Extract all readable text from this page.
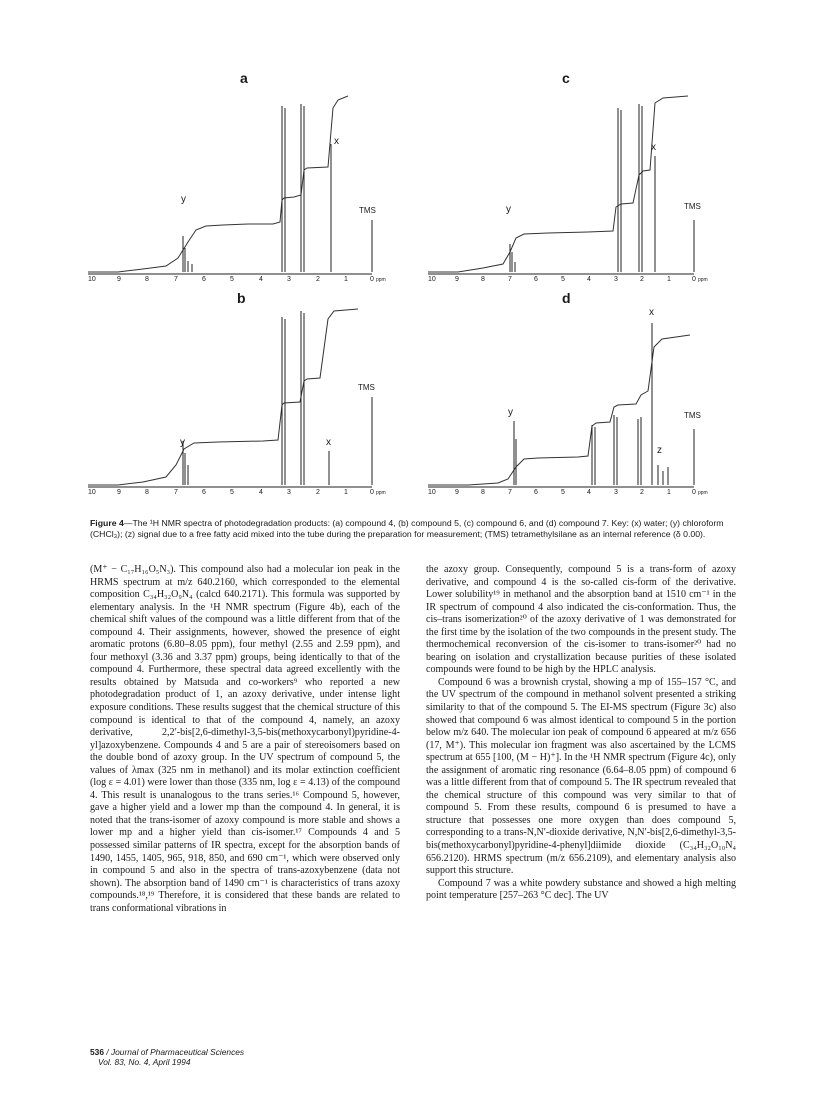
y
x
TMS
y	x
TMS
y
x
TMS
y
x
z
TMS
a
b
c
d
10	9	8	7	6	5	4	3	2	1	0 ppm
10	9	8	7	6	5	4	3	2	1	0 ppm
10	9	8	7	6	5	4	3	2	1	0 ppm
10	9	8	7	6	5	4	3	2	1	0 ppm
Figure 4—The ¹H NMR spectra of photodegradation products: (a) compound 4, (b) compound 5, (c) compound 6, and (d) compound 7. Key: (x) water; (y) chloroform (CHCl₃); (z) signal due to a free fatty acid mixed into the tube during the preparation for measurement; (TMS) tetramethylsilane as an internal reference (δ 0.00).

(M⁺ − C₁₇H₁₆O₅N₃). This compound also had a molecular ion peak in the HRMS spectrum at m/z 640.2160, which corresponded to the elemental composition C₃₄H₃₂O₉N₄ (calcd 640.2171). This formula was supported by elementary analysis. In the ¹H NMR spectrum (Figure 4b), each of the chemical shift values of the compound was a little different from that of the compound 4. Their assignments, however, showed the presence of eight aromatic protons (6.80–8.05 ppm), four methyl (2.55 and 2.59 ppm), and four methoxyl (3.36 and 3.37 ppm) groups, being identically to that of the compound 4. Furthermore, these spectral data agreed excellently with the results obtained by Matsuda and co-workers⁹ who reported a new photodegradation product of 1, an azoxy derivative, under intense light exposure conditions. These results suggest that the chemical structure of this compound is identical to that of the compound 4, namely, an azoxy derivative, 2,2′-bis[2,6-dimethyl-3,5-bis(methoxycarbonyl)pyridine-4-yl]azoxybenzene. Compounds 4 and 5 are a pair of stereoisomers based on the double bond of azoxy group. In the UV spectrum of compound 5, the values of λmax (325 nm in methanol) and its molar extinction coefficient (log ε = 4.01) were lower than those (335 nm, log ε = 4.13) of the compound 4. This result is unanalogous to the trans series.¹⁶ Compound 5, however, gave a higher yield and a lower mp than the compound 4. In general, it is noted that the trans-isomer of azoxy compound is more stable and shows a lower mp and a higher yield than cis-isomer.¹⁷ Compounds 4 and 5 possessed similar patterns of IR spectra, except for the absorption bands of 1490, 1455, 1405, 965, 918, 850, and 690 cm⁻¹, which were observed only in compound 5 and also in the spectra of trans-azoxybenzene (data not shown). The absorption band of 1490 cm⁻¹ is characteristics of trans azoxy compounds.¹⁸,¹⁹ Therefore, it is considered that these bands are related to trans conformational vibrations in

the azoxy group. Consequently, compound 5 is a trans-form of azoxy derivative, and compound 4 is the so-called cis-form of the derivative. Lower solubility¹⁹ in methanol and the absorption band at 1510 cm⁻¹ in the IR spectrum of compound 4 also indicated the cis-conformation. Thus, the cis–trans isomerization²⁰ of the azoxy derivative of 1 was demonstrated for the first time by the isolation of the two compounds in the present study. The thermochemical reconversion of the cis-isomer to trans-isomer²⁰ had no bearing on isolation and crystallization because purities of these isolated compounds were found to be high by the HPLC analysis.

Compound 6 was a brownish crystal, showing a mp of 155–157 °C, and the UV spectrum of the compound in methanol solvent presented a striking similarity to that of the compound 5. The EI-MS spectrum (Figure 3c) also showed that compound 6 was almost identical to compound 5 in the portion below m/z 640. The molecular ion peak of compound 6 appeared at m/z 656 (17, M⁺). This molecular ion fragment was also ascertained by the LCMS spectrum at 655 [100, (M − H)⁺]. In the ¹H NMR spectrum (Figure 4c), only the assignment of aromatic ring resonance (6.64–8.05 ppm) of compound 6 was a little different from that of compound 5. The IR spectrum revealed that the chemical structure of this compound was very similar to that of compound 5. From these results, compound 6 is presumed to have a structure that possesses one more oxygen than does compound 5, corresponding to a trans-N,N′-dioxide derivative, N,N′-bis[2,6-dimethyl-3,5-bis(methoxycarbonyl)pyridine-4-phenyl]diimide dioxide (C₃₄H₃₂O₁₀N₄ 656.2120). HRMS spectrum (m/z 656.2109), and elementary analysis also support this structure.

Compound 7 was a white powdery substance and showed a high melting point temperature [257–263 °C dec]. The UV

536 / Journal of Pharmaceutical Sciences
Vol. 83, No. 4, April 1994
